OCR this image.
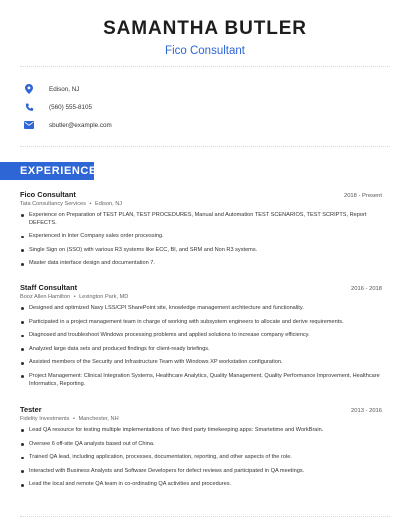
SAMANTHA BUTLER
Fico Consultant
Edison, NJ
(560) 555-8105
sbutler@example.com
EXPERIENCE
Fico Consultant	2018 - Present
Tata Consultancy Services • Edison, NJ
Experience on Preparation of TEST PLAN, TEST PROCEDURES, Manual and Automation TEST SCENARIOS, TEST SCRIPTS, Report DEFECTS.
Experienced in Inter Company sales order processing.
Single Sign on (SSO) with various R3 systems like ECC, BI, and SRM and Non R3 systems.
Master data interface design and documentation 7.
Staff Consultant	2016 - 2018
Booz Allen Hamilton • Lexington Park, MD
Designed and optimized Navy LSS/CPI SharePoint site, knowledge management architecture and functionality.
Participated in a project management team in charge of working with subsystem engineers to allocate and derive requirements.
Diagnosed and troubleshoot Windows processing problems and applied solutions to increase company efficiency.
Analyzed large data sets and produced findings for client-ready briefings.
Assisted members of the Security and Infrastructure Team with Windows XP workstation configuration.
Project Management: Clinical Integration Systems, Healthcare Analytics, Quality Management, Quality Performance Improvement, Healthcare Informatics, Reporting.
Tester	2013 - 2016
Fidelity Investments • Manchester, NH
Lead QA resource for testing multiple implementations of two third party timekeeping apps: Smartetime and WorkBrain.
Oversee 6 off-site QA analysts based out of China.
Trained QA lead, including application, processes, documentation, reporting, and other aspects of the role.
Interacted with Business Analysts and Software Developers for defect reviews and participated in QA meetings.
Lead the local and remote QA team in co-ordinating QA activities and procedures.
